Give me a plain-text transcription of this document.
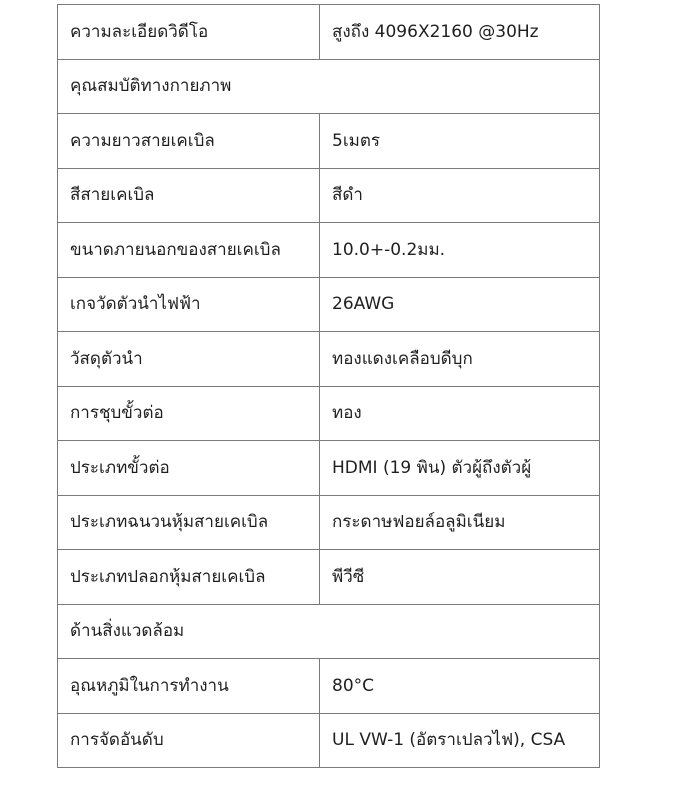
ความละเอียดวิดีโอ	สูงถึง 4096X2160 @30Hz
คุณสมบัติทางกายภาพ	
ความยาวสายเคเบิล	5เมตร
สีสายเคเบิล	สีดำ
ขนาดภายนอกของสายเคเบิล	10.0+-0.2มม.
เกจวัดตัวนำไฟฟ้า	26AWG
วัสดุตัวนำ	ทองแดงเคลือบดีบุก
การชุบขั้วต่อ	ทอง
ประเภทขั้วต่อ	HDMI (19 พิน) ตัวผู้ถึงตัวผู้
ประเภทฉนวนหุ้มสายเคเบิล	กระดาษฟอยล์อลูมิเนียม
ประเภทปลอกหุ้มสายเคเบิล	พีวีซี
ด้านสิ่งแวดล้อม	
อุณหภูมิในการทำงาน	80°C
การจัดอันดับ	UL VW-1 (อัตราเปลวไฟ), CSA
